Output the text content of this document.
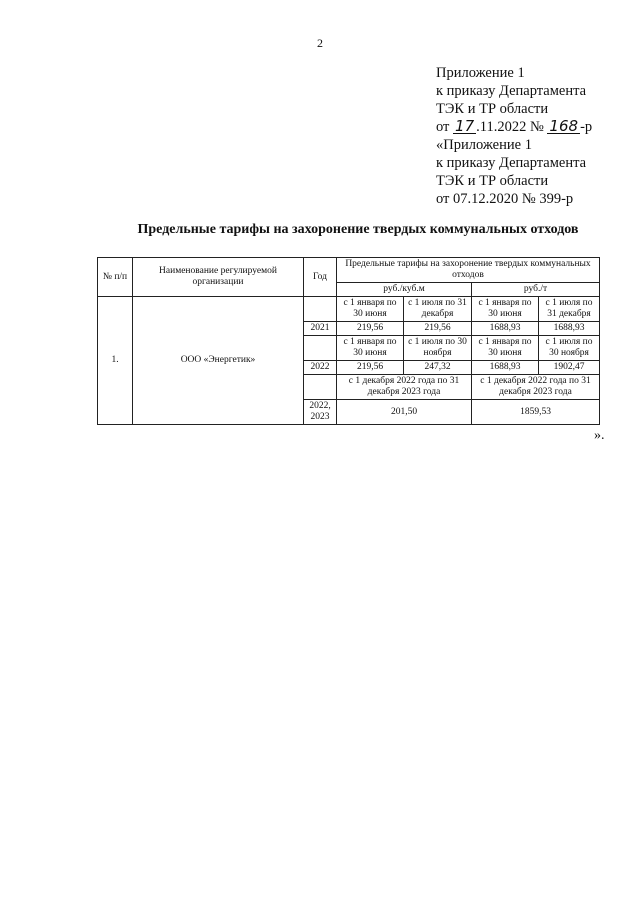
2
Приложение 1
к приказу Департамента
ТЭК и ТР области
от 17 .11.2022 № 168 -р
«Приложение 1
к приказу Департамента
ТЭК и ТР области
от 07.12.2020 № 399-р
Предельные тарифы на захоронение твердых коммунальных отходов
№ п/п	Наименование регулируемой организации	Год	Предельные тарифы на захоронение твердых коммунальных отходов			
			руб./куб.м		руб./т	
1.	ООО «Энергетик»		с 1 января по 30 июня	с 1 июля по 31 декабря	с 1 января по 30 июня	с 1 июля по 31 декабря
		2021	219,56	219,56	1688,93	1688,93
			с 1 января по 30 июня	с 1 июля по 30 ноября	с 1 января по 30 июня	с 1 июля по 30 ноября
		2022	219,56	247,32	1688,93	1902,47
			с 1 декабря 2022 года по 31 декабря 2023 года		с 1 декабря 2022 года по 31 декабря 2023 года	
		2022, 2023	201,50		1859,53	
».
